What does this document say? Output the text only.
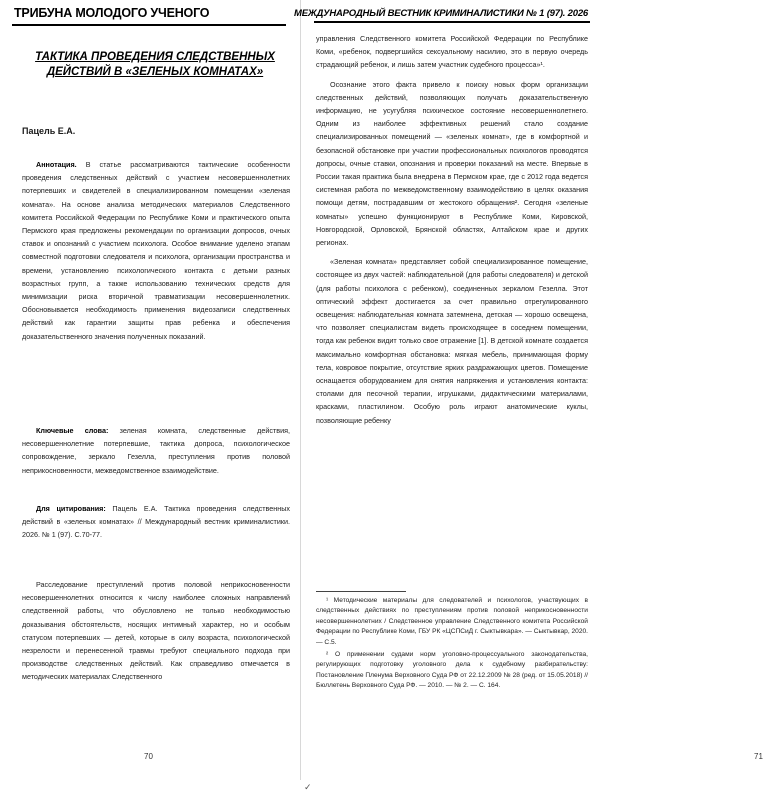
ТРИБУНА МОЛОДОГО УЧЕНОГО
ТАКТИКА ПРОВЕДЕНИЯ СЛЕДСТВЕННЫХ ДЕЙСТВИЙ В «ЗЕЛЕНЫХ КОМНАТАХ»
Пацель Е.А.

Аннотация. В статье рассматриваются тактические особенности проведения следственных действий с участием несовершеннолетних потерпевших и свидетелей в специализированном помещении «зеленая комната». На основе анализа методических материалов Следственного комитета Российской Федерации по Республике Коми и практического опыта Пермского края предложены рекомендации по организации допросов, очных ставок и опознаний с участием психолога. Особое внимание уделено этапам совместной подготовки следователя и психолога, организации пространства и времени, установлению психологического контакта с детьми разных возрастных групп, а также использованию технических средств для минимизации риска вторичной травматизации несовершеннолетних. Обосновывается необходимость применения видеозаписи следственных действий как гарантии защиты прав ребенка и обеспечения доказательственного значения полученных показаний.

Ключевые слова: зеленая комната, следственные действия, несовершеннолетние потерпевшие, тактика допроса, психологическое сопровождение, зеркало Гезелла, преступления против половой неприкосновенности, межведомственное взаимодействие.

Для цитирования: Пацель Е.А. Тактика проведения следственных действий в «зеленых комнатах» // Международный вестник криминалистики. 2026. № 1 (97). С.70-77.

Расследование преступлений против половой неприкосновенности несовершеннолетних относится к числу наиболее сложных направлений следственной работы, что обусловлено не только необходимостью доказывания обстоятельств, носящих интимный характер, но и особым статусом потерпевших — детей, которые в силу возраста, психологической незрелости и перенесенной травмы требуют специального подхода при производстве следственных действий. Как справедливо отмечается в методических материалах Следственного

70
МЕЖДУНАРОДНЫЙ ВЕСТНИК КРИМИНАЛИСТИКИ № 1 (97). 2026
71

управления Следственного комитета Российской Федерации по Республике Коми, «ребенок, подвергшийся сексуальному насилию, это в первую очередь страдающий ребенок, и лишь затем участник судебного процесса»¹.

Осознание этого факта привело к поиску новых форм организации следственных действий, позволяющих получать доказательственную информацию, не усугубляя психическое состояние несовершеннолетнего. Одним из наиболее эффективных решений стало создание специализированных помещений — «зеленых комнат», где в комфортной и безопасной обстановке при участии профессиональных психологов проводятся допросы, очные ставки, опознания и проверки показаний на месте. Впервые в России такая практика была внедрена в Пермском крае, где с 2012 года ведется системная работа по межведомственному взаимодействию в целях оказания помощи детям, пострадавшим от жестокого обращения². Сегодня «зеленые комнаты» успешно функционируют в Республике Коми, Кировской, Новгородской, Орловской, Брянской областях, Алтайском крае и других регионах.

«Зеленая комната» представляет собой специализированное помещение, состоящее из двух частей: наблюдательной (для работы следователя) и детской (для работы психолога с ребенком), соединенных зеркалом Гезелла. Этот оптический эффект достигается за счет правильно отрегулированного освещения: наблюдательная комната затемнена, детская — хорошо освещена, что позволяет специалистам видеть происходящее в соседнем помещении, тогда как ребенок видит только свое отражение [1]. В детской комнате создается максимально комфортная обстановка: мягкая мебель, принимающая форму тела, ковровое покрытие, отсутствие ярких раздражающих цветов. Помещение оснащается оборудованием для снятия напряжения и установления контакта: столами для песочной терапии, игрушками, дидактическими материалами, красками, пластилином. Особую роль играют анатомические куклы, позволяющие ребенку

¹ Методические материалы для следователей и психологов, участвующих в следственных действиях по преступлениям против половой неприкосновенности несовершеннолетних / Следственное управление Следственного комитета Российской Федерации по Республике Коми, ГБУ РК «ЦСПСиД г. Сыктывкара». — Сыктывкар, 2020. — С.5.

² О применении судами норм уголовно-процессуального законодательства, регулирующих подготовку уголовного дела к судебному разбирательству: Постановление Пленума Верховного Суда РФ от 22.12.2009 № 28 (ред. от 15.05.2018) // Бюллетень Верховного Суда РФ. — 2010. — № 2. — С. 164.

✓
